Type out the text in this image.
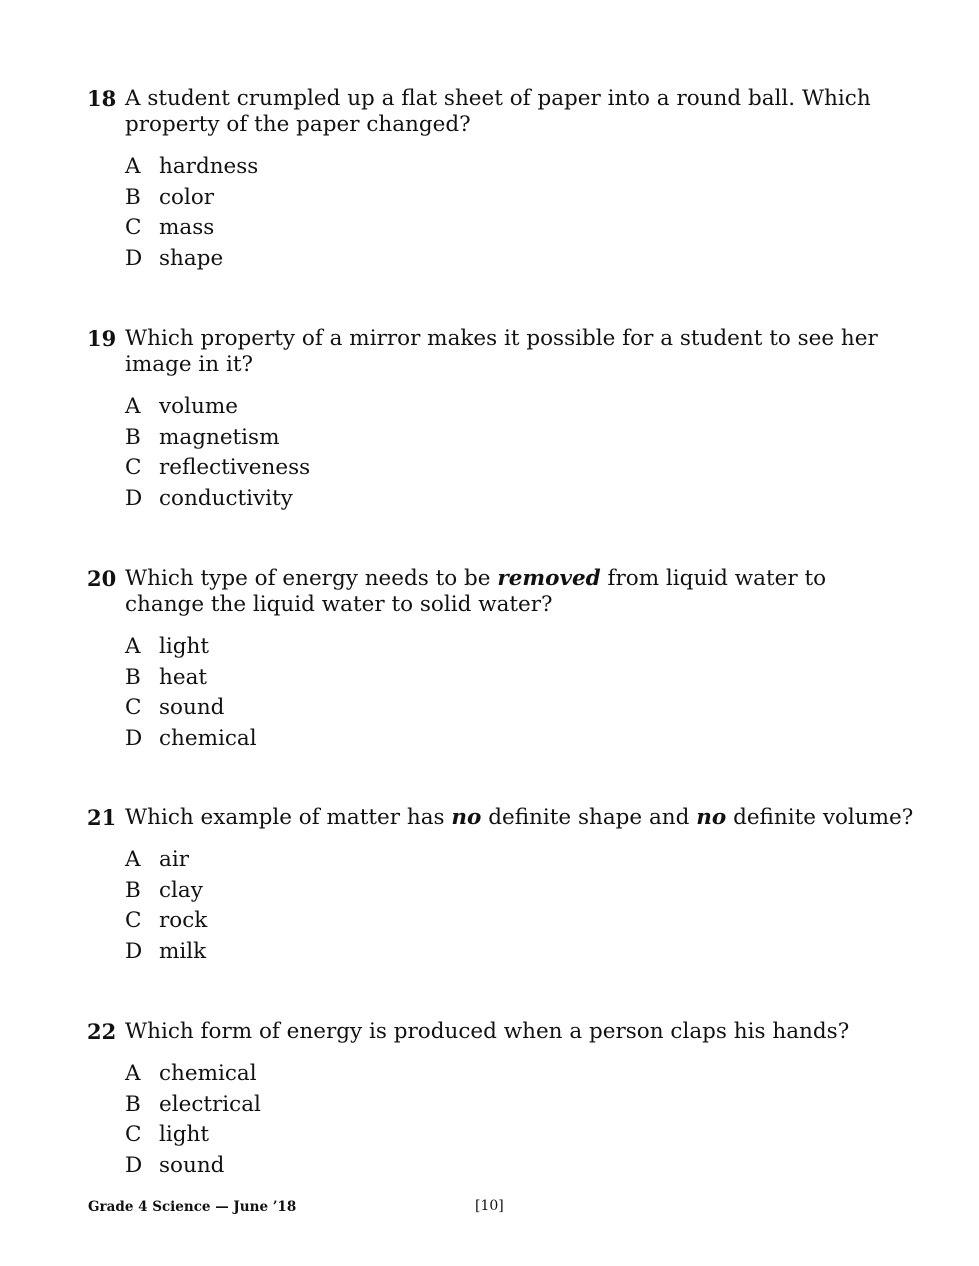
18 A student crumpled up a flat sheet of paper into a round ball. Which property of the paper changed?
A hardness
B color
C mass
D shape
19 Which property of a mirror makes it possible for a student to see her image in it?
A volume
B magnetism
C reflectiveness
D conductivity
20 Which type of energy needs to be removed from liquid water to change the liquid water to solid water?
A light
B heat
C sound
D chemical
21 Which example of matter has no definite shape and no definite volume?
A air
B clay
C rock
D milk
22 Which form of energy is produced when a person claps his hands?
A chemical
B electrical
C light
D sound
Grade 4 Science — June ’18	[10]
